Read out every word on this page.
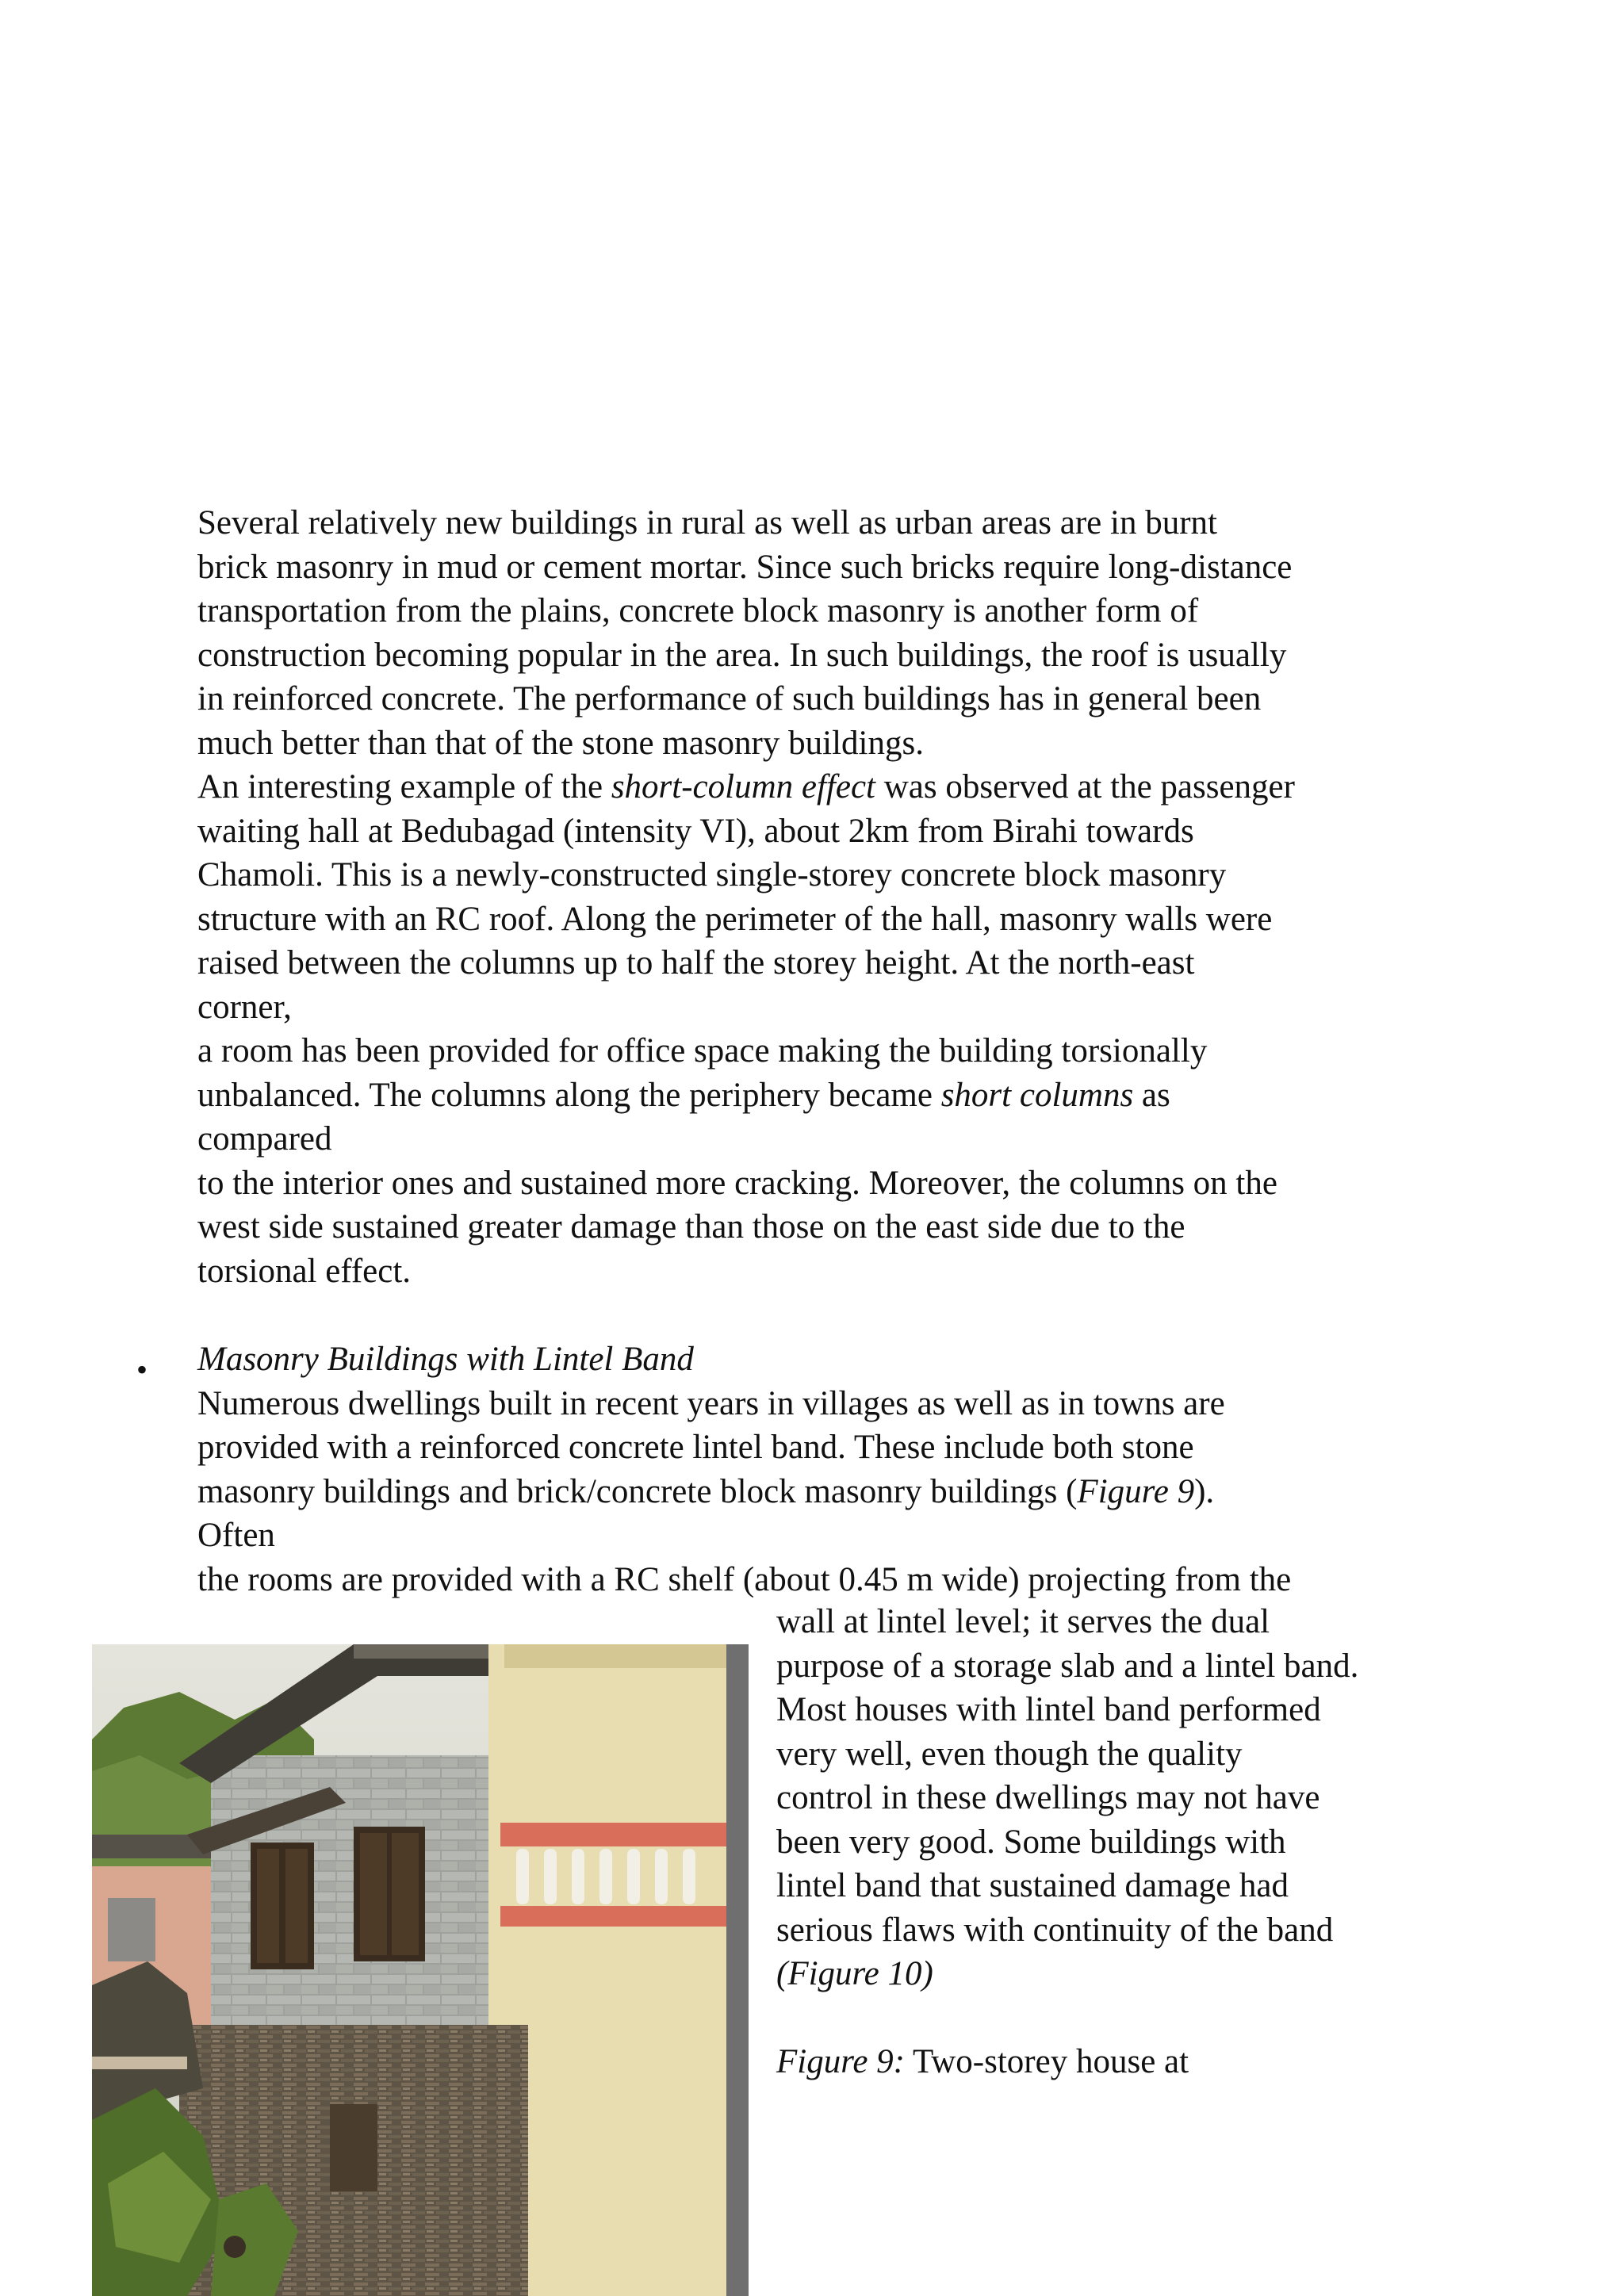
Several relatively new buildings in rural as well as urban areas are in burnt
brick masonry in mud or cement mortar. Since such bricks require long-distance
transportation from the plains, concrete block masonry is another form of
construction becoming popular in the area. In such buildings, the roof is usually
in reinforced concrete. The performance of such buildings has in general been
much better than that of the stone masonry buildings.
An interesting example of the short-column effect was observed at the passenger
waiting hall at Bedubagad (intensity VI), about 2km from Birahi towards
Chamoli. This is a newly-constructed single-storey concrete block masonry
structure with an RC roof. Along the perimeter of the hall, masonry walls were
raised between the columns up to half the storey height. At the north-east
corner,
a room has been provided for office space making the building torsionally
unbalanced. The columns along the periphery became short columns as
compared
to the interior ones and sustained more cracking. Moreover, the columns on the
west side sustained greater damage than those on the east side due to the
torsional effect.
• Masonry Buildings with Lintel Band
Numerous dwellings built in recent years in villages as well as in towns are
provided with a reinforced concrete lintel band. These include both stone
masonry buildings and brick/concrete block masonry buildings (Figure 9).
Often
the rooms are provided with a RC shelf (about 0.45 m wide) projecting from the
wall at lintel level; it serves the dual
purpose of a storage slab and a lintel band.
Most houses with lintel band performed
very well, even though the quality
control in these dwellings may not have
been very good. Some buildings with
lintel band that sustained damage had
serious flaws with continuity of the band
(Figure 10)

Figure 9: Two-storey house at
